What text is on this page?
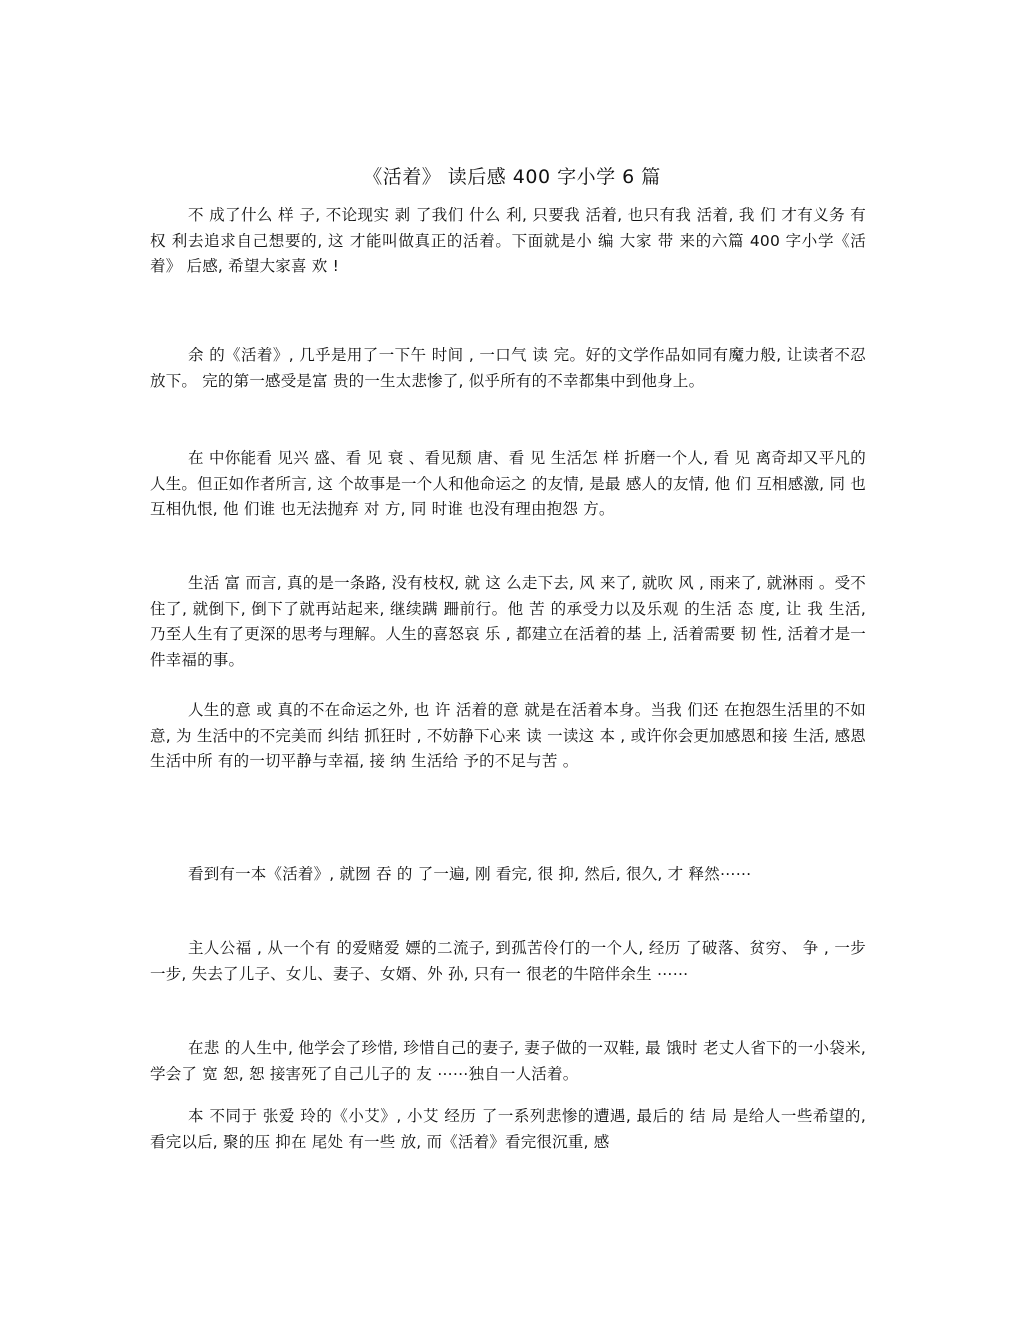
《活着》 读后感 400 字小学 6 篇

不 成了什么 样 子, 不论现实 剥 了我们 什么 利, 只要我 活着, 也只有我 活着, 我 们 才有义务 有权 利去追求自己想要的, 这 才能叫做真正的活着。下面就是小 编 大家 带 来的六篇 400 字小学《活着》 后感, 希望大家喜 欢 !

余 的《活着》, 几乎是用了一下午 时间 , 一口气 读 完。好的文学作品如同有魔力般, 让读者不忍放下。 完的第一感受是富 贵的一生太悲惨了, 似乎所有的不幸都集中到他身上。

在 中你能看 见兴 盛、看 见 衰 、看见颓 唐、看 见 生活怎 样 折磨一个人, 看 见 离奇却又平凡的人生。但正如作者所言, 这 个故事是一个人和他命运之 的友情, 是最 感人的友情, 他 们 互相感激, 同 也互相仇恨, 他 们谁 也无法抛弃 对 方, 同 时谁 也没有理由抱怨 方。

生活 富 而言, 真的是一条路, 没有枝权, 就 这 么走下去, 风 来了, 就吹 风 , 雨来了, 就淋雨 。受不住了, 就倒下, 倒下了就再站起来, 继续蹒 跚前行。他 苦 的承受力以及乐观 的生活 态 度, 让 我 生活, 乃至人生有了更深的思考与理解。人生的喜怒哀 乐 , 都建立在活着的基 上, 活着需要 韧 性, 活着才是一件幸福的事。

人生的意 或 真的不在命运之外, 也 许 活着的意 就是在活着本身。当我 们还 在抱怨生活里的不如意, 为 生活中的不完美而 纠结 抓狂时 , 不妨静下心来 读 一读这 本 , 或许你会更加感恩和接 生活, 感恩生活中所 有的一切平静与幸福, 接 纳 生活给 予的不足与苦 。

看到有一本《活着》, 就囫 吞 的 了一遍, 刚 看完, 很 抑, 然后, 很久, 才 释然⋯⋯

主人公福 , 从一个有 的爱赌爱 嫖的二流子, 到孤苦伶仃的一个人, 经历 了破落、贫穷、 争 , 一步一步, 失去了儿子、女儿、妻子、女婿、外 孙, 只有一 很老的牛陪伴余生 ⋯⋯

在悲 的人生中, 他学会了珍惜, 珍惜自己的妻子, 妻子做的一双鞋, 最 饿时 老丈人省下的一小袋米, 学会了 宽 恕, 恕 接害死了自己儿子的 友 ⋯⋯独自一人活着。

本 不同于 张爱 玲的《小艾》, 小艾 经历 了一系列悲惨的遭遇, 最后的 结 局 是给人一些希望的, 看完以后, 聚的压 抑在 尾处 有一些 放, 而《活着》看完很沉重, 感
